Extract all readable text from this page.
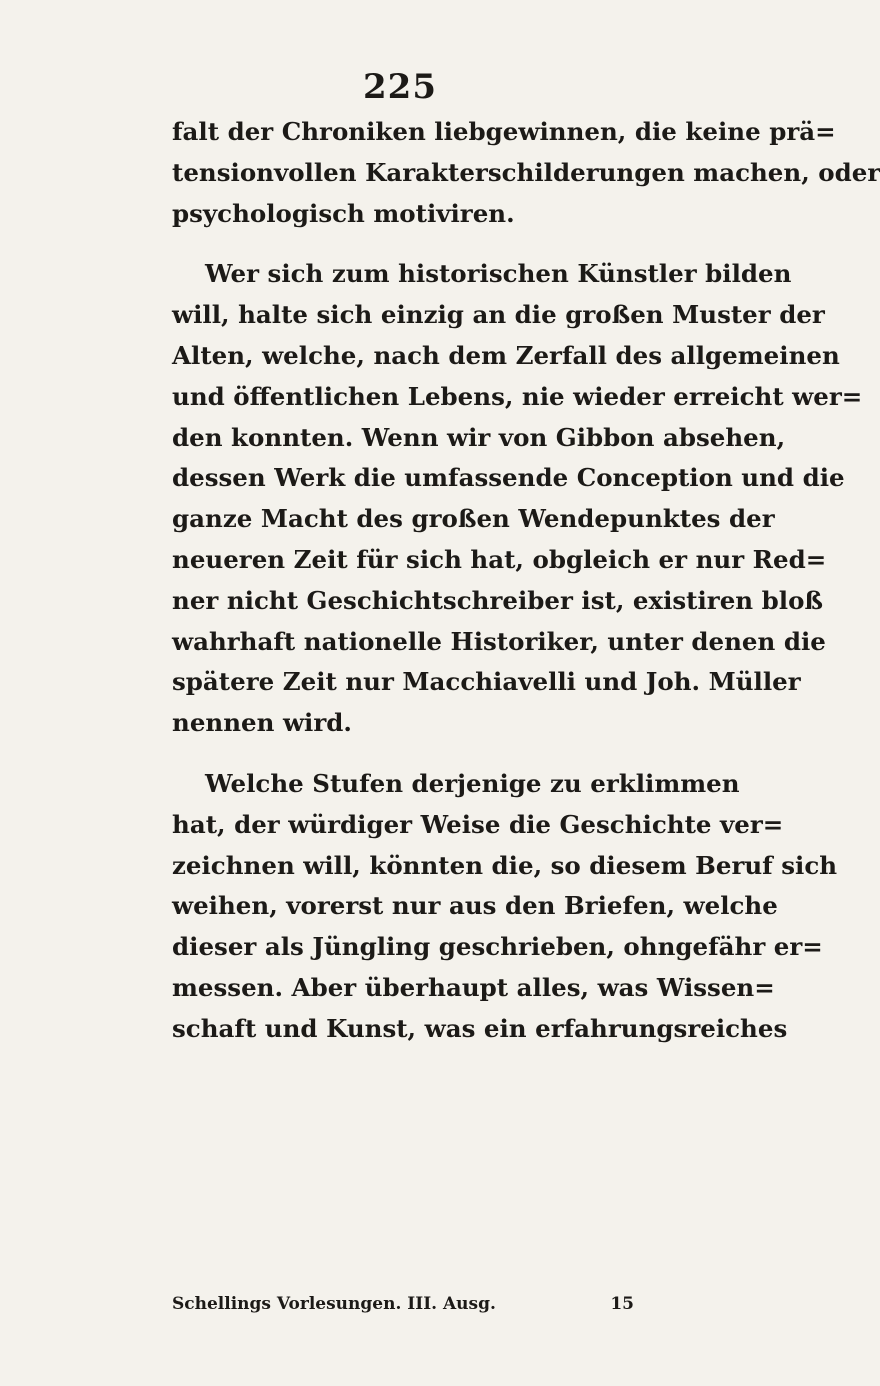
225
falt der Chroniken liebgewinnen, die keine prä=
tensionvollen Karakterschilderungen machen, oder
psychologisch motiviren.
Wer sich zum historischen Künstler bilden
will, halte sich einzig an die großen Muster der
Alten, welche, nach dem Zerfall des allgemeinen
und öffentlichen Lebens, nie wieder erreicht wer=
den konnten. Wenn wir von Gibbon absehen,
dessen Werk die umfassende Conception und die
ganze Macht des großen Wendepunktes der
neueren Zeit für sich hat, obgleich er nur Red=
ner nicht Geschichtschreiber ist, existiren bloß
wahrhaft nationelle Historiker, unter denen die
spätere Zeit nur Macchiavelli und Joh. Müller
nennen wird.
Welche Stufen derjenige zu erklimmen
hat, der würdiger Weise die Geschichte ver=
zeichnen will, könnten die, so diesem Beruf sich
weihen, vorerst nur aus den Briefen, welche
dieser als Jüngling geschrieben, ohngefähr er=
messen. Aber überhaupt alles, was Wissen=
schaft und Kunst, was ein erfahrungsreiches
Schellings Vorlesungen. III. Ausg.	15
